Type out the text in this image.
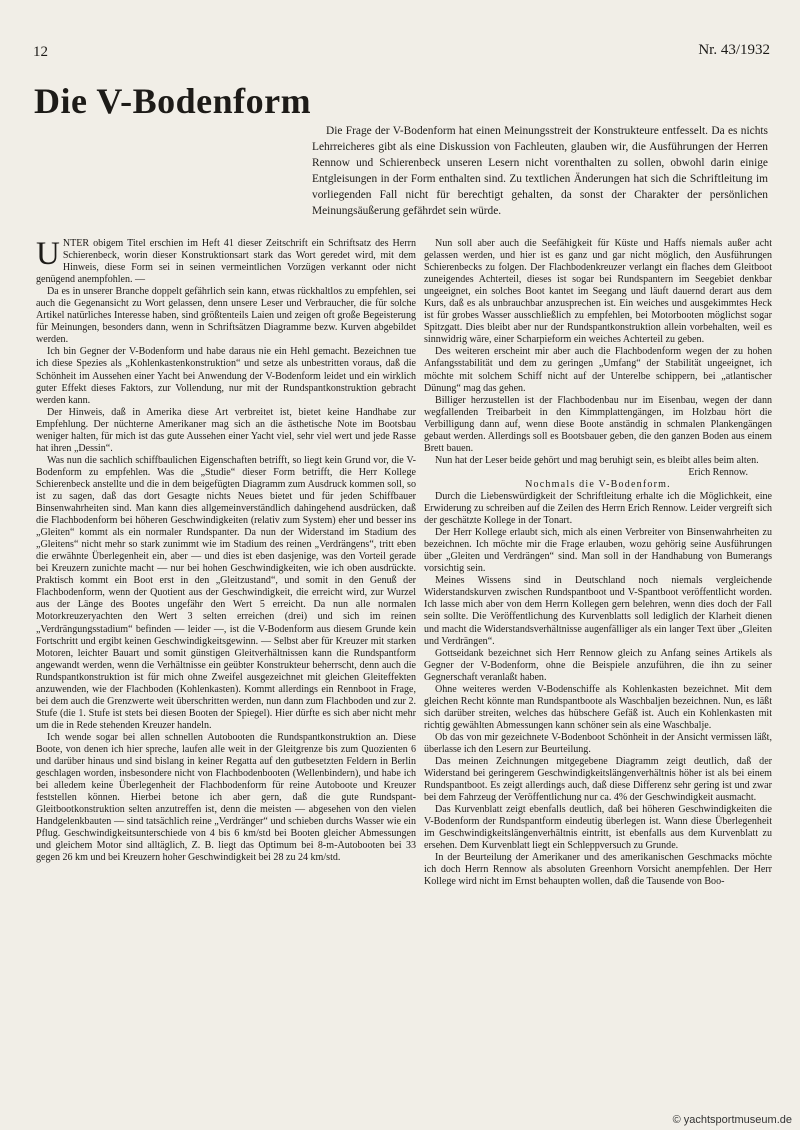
12	Nr. 43/1932
Die V-Bodenform

Die Frage der V-Bodenform hat einen Meinungsstreit der Konstrukteure entfesselt. Da es nichts Lehrreicheres gibt als eine Diskussion von Fachleuten, glauben wir, die Ausführungen der Herren Rennow und Schierenbeck unseren Lesern nicht vorenthalten zu sollen, obwohl darin einige Entgleisungen in der Form enthalten sind. Zu textlichen Änderungen hat sich die Schriftleitung im vorliegenden Fall nicht für berechtigt gehalten, da sonst der Charakter der persönlichen Meinungsäußerung gefährdet sein würde.

UNTER obigem Titel erschien im Heft 41 dieser Zeitschrift ein Schriftsatz des Herrn Schierenbeck, worin dieser Konstruktionsart stark das Wort geredet wird, mit dem Hinweis, diese Form sei in seinen vermeintlichen Vorzügen verkannt oder nicht genügend anempfohlen. —

Da es in unserer Branche doppelt gefährlich sein kann, etwas rückhaltlos zu empfehlen, sei auch die Gegenansicht zu Wort gelassen, denn unsere Leser und Verbraucher, die für solche Artikel natürliches Interesse haben, sind größtenteils Laien und zeigen oft große Begeisterung für Meinungen, besonders dann, wenn in Schriftsätzen Diagramme bezw. Kurven abgebildet werden.

Ich bin Gegner der V-Bodenform und habe daraus nie ein Hehl gemacht. Bezeichnen tue ich diese Spezies als „Kohlenkastenkonstruktion“ und setze als unbestritten voraus, daß die Schönheit im Aussehen einer Yacht bei Anwendung der V-Bodenform leidet und ein wirklich guter Effekt dieses Faktors, zur Vollendung, nur mit der Rundspantkonstruktion gebracht werden kann.

Der Hinweis, daß in Amerika diese Art verbreitet ist, bietet keine Handhabe zur Empfehlung. Der nüchterne Amerikaner mag sich an die ästhetische Note im Bootsbau weniger halten, für mich ist das gute Aussehen einer Yacht viel, sehr viel wert und jede Rasse hat ihren „Dessin“.

Was nun die sachlich schiffbaulichen Eigenschaften betrifft, so liegt kein Grund vor, die V-Bodenform zu empfehlen. Was die „Studie“ dieser Form betrifft, die Herr Kollege Schierenbeck anstellte und die in dem beigefügten Diagramm zum Ausdruck kommen soll, so ist zu sagen, daß das dort Gesagte nichts Neues bietet und für jeden Schiffbauer Binsenwahrheiten sind. Man kann dies allgemeinverständlich dahingehend ausdrücken, daß die Flachbodenform bei höheren Geschwindigkeiten (relativ zum System) eher und besser ins „Gleiten“ kommt als ein normaler Rundspanter. Da nun der Widerstand im Stadium des „Gleitens“ nicht mehr so stark zunimmt wie im Stadium des reinen „Verdrängens“, tritt eben die erwähnte Überlegenheit ein, aber — und dies ist eben dasjenige, was den Vorteil gerade bei Kreuzern zunichte macht — nur bei hohen Geschwindigkeiten, wie ich oben ausdrückte. Praktisch kommt ein Boot erst in den „Gleitzustand“, und somit in den Genuß der Flachbodenform, wenn der Quotient aus der Geschwindigkeit, die erreicht wird, zur Wurzel aus der Länge des Bootes ungefähr den Wert 5 erreicht. Da nun alle normalen Motorkreuzeryachten den Wert 3 selten erreichen (drei) und sich im reinen „Verdrängungsstadium“ befinden — leider —, ist die V-Bodenform aus diesem Grunde kein Fortschritt und ergibt keinen Geschwindigkeitsgewinn. — Selbst aber für Kreuzer mit starken Motoren, leichter Bauart und somit günstigen Gleitverhältnissen kann die Rundspantform angewandt werden, wenn die Verhältnisse ein geübter Konstrukteur beherrscht, denn auch die Rundspantkonstruktion ist für mich ohne Zweifel ausgezeichnet mit gleichen Gleiteffekten anzuwenden, wie der Flachboden (Kohlenkasten). Kommt allerdings ein Rennboot in Frage, bei dem auch die Grenzwerte weit überschritten werden, nun dann zum Flachboden und zur 2. Stufe (die 1. Stufe ist stets bei diesen Booten der Spiegel). Hier dürfte es sich aber nicht mehr um die in Rede stehenden Kreuzer handeln.

Ich wende sogar bei allen schnellen Autobooten die Rundspantkonstruktion an. Diese Boote, von denen ich hier spreche, laufen alle weit in der Gleitgrenze bis zum Quozienten 6 und darüber hinaus und sind bislang in keiner Regatta auf den gutbesetzten Feldern in Berlin geschlagen worden, insbesondere nicht von Flachbodenbooten (Wellenbindern), und habe ich bei alledem keine Überlegenheit der Flachbodenform für reine Autoboote und Kreuzer feststellen können. Hierbei betone ich aber gern, daß die gute Rundspant-Gleitbootkonstruktion selten anzutreffen ist, denn die meisten — abgesehen von den vielen Handgelenkbauten — sind tatsächlich reine „Verdränger“ und schieben durchs Wasser wie ein Pflug. Geschwindigkeitsunterschiede von 4 bis 6 km/std bei Booten gleicher Abmessungen und gleichem Motor sind alltäglich, Z. B. liegt das Optimum bei 8-m-Autobooten bei 33 gegen 26 km und bei Kreuzern hoher Geschwindigkeit bei 28 zu 24 km/std.

Nun soll aber auch die Seefähigkeit für Küste und Haffs niemals außer acht gelassen werden, und hier ist es ganz und gar nicht möglich, den Ausführungen Schierenbecks zu folgen. Der Flachbodenkreuzer verlangt ein flaches dem Gleitboot zuneigendes Achterteil, dieses ist sogar bei Rundspantern im Seegebiet denkbar ungeeignet, ein solches Boot kantet im Seegang und läuft dauernd derart aus dem Kurs, daß es als unbrauchbar anzusprechen ist. Ein weiches und ausgekimmtes Heck ist für grobes Wasser ausschließlich zu empfehlen, bei Motorbooten möglichst sogar Spitzgatt. Dies bleibt aber nur der Rundspantkonstruktion allein vorbehalten, weil es sinnwidrig wäre, einer Scharpieform ein weiches Achterteil zu geben.

Des weiteren erscheint mir aber auch die Flachbodenform wegen der zu hohen Anfangsstabilität und dem zu geringen „Umfang“ der Stabilität ungeeignet, ich möchte mit solchem Schiff nicht auf der Unterelbe schippern, bei „atlantischer Dünung“ mag das gehen.

Billiger herzustellen ist der Flachbodenbau nur im Eisenbau, wegen der dann wegfallenden Treibarbeit in den Kimmplattengängen, im Holzbau hört die Verbilligung dann auf, wenn diese Boote anständig in schmalen Plankengängen gebaut werden. Allerdings soll es Bootsbauer geben, die den ganzen Boden aus einem Brett bauen.

Nun hat der Leser beide gehört und mag beruhigt sein, es bleibt alles beim alten.

Erich Rennow.

Nochmals die V-Bodenform.

Durch die Liebenswürdigkeit der Schriftleitung erhalte ich die Möglichkeit, eine Erwiderung zu schreiben auf die Zeilen des Herrn Erich Rennow. Leider vergreift sich der geschätzte Kollege in der Tonart.

Der Herr Kollege erlaubt sich, mich als einen Verbreiter von Binsenwahrheiten zu bezeichnen. Ich möchte mir die Frage erlauben, wozu gehörig seine Ausführungen über „Gleiten und Verdrängen“ sind. Man soll in der Handhabung von Bumerangs vorsichtig sein.

Meines Wissens sind in Deutschland noch niemals vergleichende Widerstandskurven zwischen Rundspantboot und V-Spantboot veröffentlicht worden. Ich lasse mich aber von dem Herrn Kollegen gern belehren, wenn dies doch der Fall sein sollte. Die Veröffentlichung des Kurvenblatts soll lediglich der Klarheit dienen und macht die Widerstandsverhältnisse augenfälliger als ein langer Text über „Gleiten und Verdrängen“.

Gottseidank bezeichnet sich Herr Rennow gleich zu Anfang seines Artikels als Gegner der V-Bodenform, ohne die Beispiele anzuführen, die ihn zu seiner Gegnerschaft veranlaßt haben.

Ohne weiteres werden V-Bodenschiffe als Kohlenkasten bezeichnet. Mit dem gleichen Recht könnte man Rundspantboote als Waschbaljen bezeichnen. Nun, es läßt sich darüber streiten, welches das hübschere Gefäß ist. Auch ein Kohlenkasten mit richtig gewählten Abmessungen kann schöner sein als eine Waschbalje.

Ob das von mir gezeichnete V-Bodenboot Schönheit in der Ansicht vermissen läßt, überlasse ich den Lesern zur Beurteilung.

Das meinen Zeichnungen mitgegebene Diagramm zeigt deutlich, daß der Widerstand bei geringerem Geschwindigkeitslängenverhältnis höher ist als bei einem Rundspantboot. Es zeigt allerdings auch, daß diese Differenz sehr gering ist und zwar bei dem Fahrzeug der Veröffentlichung nur ca. 4% der Geschwindigkeit ausmacht.

Das Kurvenblatt zeigt ebenfalls deutlich, daß bei höheren Geschwindigkeiten die V-Bodenform der Rundspantform eindeutig überlegen ist. Wann diese Überlegenheit im Geschwindigkeitslängenverhältnis eintritt, ist ebenfalls aus dem Kurvenblatt zu ersehen. Dem Kurvenblatt liegt ein Schleppversuch zu Grunde.

In der Beurteilung der Amerikaner und des amerikanischen Geschmacks möchte ich doch Herrn Rennow als absoluten Greenhorn Vorsicht anempfehlen. Der Herr Kollege wird nicht im Ernst behaupten wollen, daß die Tausende von Boo-

© yachtsportmuseum.de
